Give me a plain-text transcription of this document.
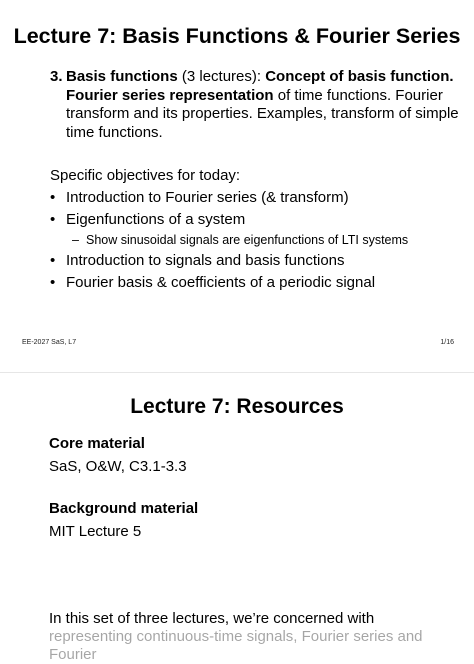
Lecture 7: Basis Functions & Fourier Series
3. Basis functions (3 lectures): Concept of basis function. Fourier series representation of time functions. Fourier transform and its properties. Examples, transform of simple time functions.
Specific objectives for today:
• Introduction to Fourier series (& transform)
• Eigenfunctions of a system
– Show sinusoidal signals are eigenfunctions of LTI systems
• Introduction to signals and basis functions
• Fourier basis & coefficients of a periodic signal
EE-2027 SaS, L7	1/16
Lecture 7: Resources
Core material
SaS, O&W, C3.1-3.3
Background material
MIT Lecture 5
In this set of three lectures, we’re concerned with
representing continuous-time signals, Fourier series and Fourier
